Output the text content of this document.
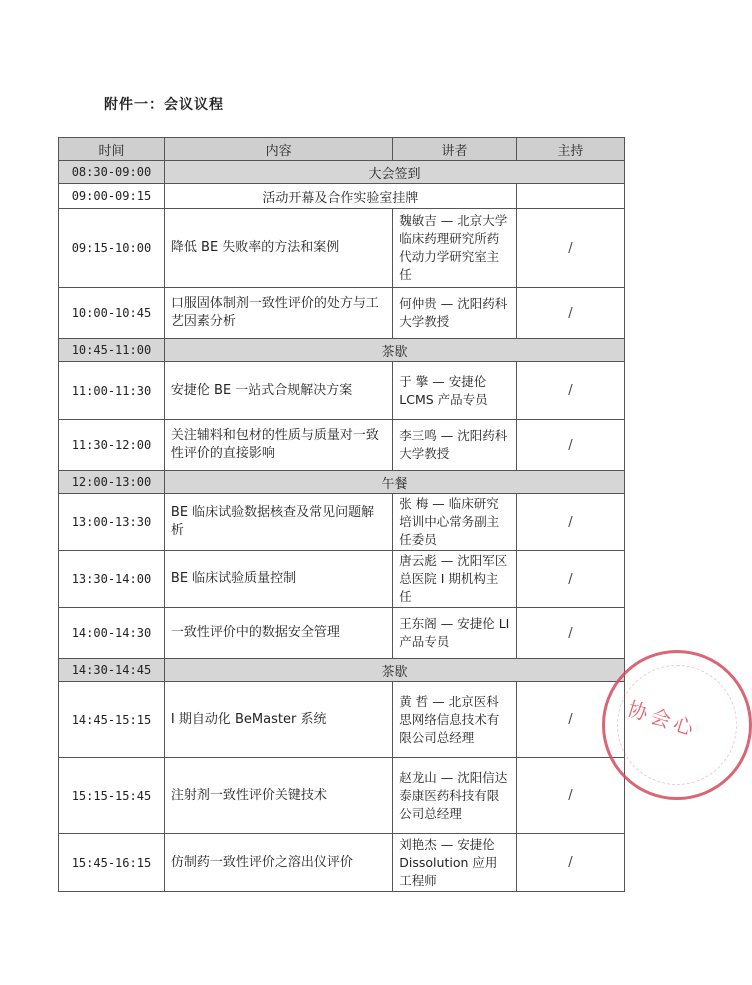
附件一：会议议程
时间	内容	讲者	主持
08:30-09:00	大会签到		
09:00-09:15	活动开幕及合作实验室挂牌		
09:15-10:00	降低 BE 失败率的方法和案例	魏敏吉 — 北京大学临床药理研究所药代动力学研究室主任	/
10:00-10:45	口服固体制剂一致性评价的处方与工艺因素分析	何仲贵 — 沈阳药科大学教授	/
10:45-11:00	茶歇		
11:00-11:30	安捷伦 BE 一站式合规解决方案	于 擎 — 安捷伦 LCMS 产品专员	/
11:30-12:00	关注辅料和包材的性质与质量对一致性评价的直接影响	李三鸣 — 沈阳药科大学教授	/
12:00-13:00	午餐		
13:00-13:30	BE 临床试验数据核查及常见问题解析	张 梅 — 临床研究培训中心常务副主任委员	/
13:30-14:00	BE 临床试验质量控制	唐云彪 — 沈阳军区总医院 I 期机构主任	/
14:00-14:30	一致性评价中的数据安全管理	王东阁 — 安捷伦 LI 产品专员	/
14:30-14:45	茶歇		
14:45-15:15	I 期自动化 BeMaster 系统	黄 哲 — 北京医科思网络信息技术有限公司总经理	/
15:15-15:45	注射剂一致性评价关键技术	赵龙山 — 沈阳信达泰康医药科技有限公司总经理	/
15:45-16:15	仿制药一致性评价之溶出仪评价	刘艳杰 — 安捷伦 Dissolution 应用工程师	/
协会心
